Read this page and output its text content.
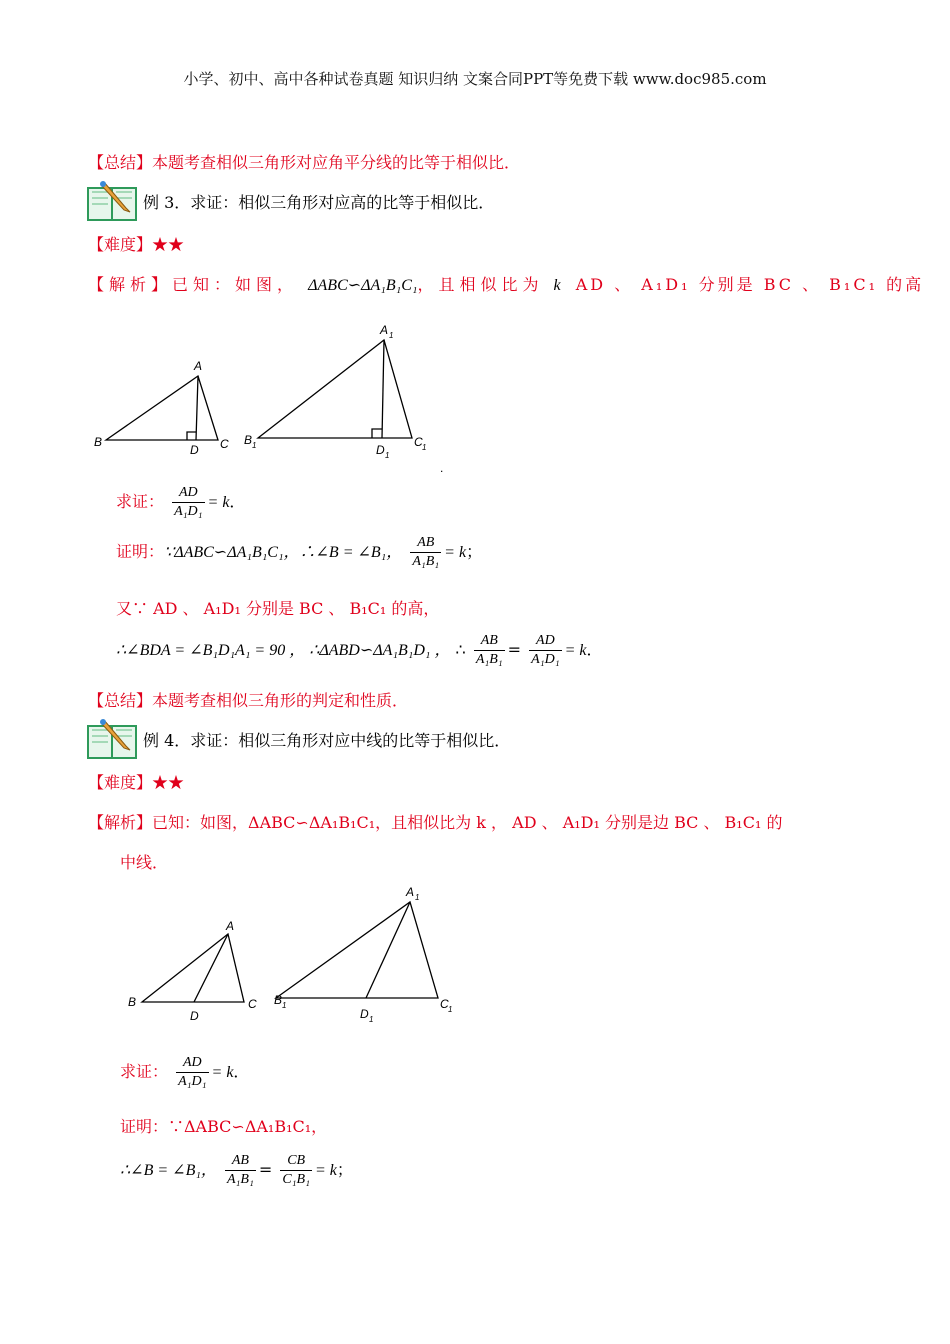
小学、初中、高中各种试卷真题 知识归纳 文案合同PPT等免费下载 www.doc985.com
【总结】本题考查相似三角形对应角平分线的比等于相似比．
例 3．求证：相似三角形对应高的比等于相似比．
【难度】★★
【解析】已知：如图， ΔABC∽ΔA₁B₁C₁，且相似比为 k AD 、 A₁D₁ 分别是 BC 、 B₁C₁ 的高
A
B	C
D
A 1
B 1	C 1
D 1
.
求证： $\frac{AD}{\text{A₁D₁}} = k$．
证明：∵ΔABC∽ΔA₁B₁C₁，∴∠B = ∠B₁， $\frac{AB}{\text{A₁B₁}} = k$；
又∵ AD 、 A₁D₁ 分别是 BC 、 B₁C₁ 的高，
∴∠BDA = ∠B₁D₁A₁ = 90 ， ∴ΔABD∽ΔA₁B₁D₁ ， ∴ $\frac{AB}{\text{A₁B₁}} = \frac{AD}{\text{A₁D₁}} = k$．
【总结】本题考查相似三角形的判定和性质．
例 4．求证：相似三角形对应中线的比等于相似比．
【难度】★★
【解析】已知：如图，ΔABC∽ΔA₁B₁C₁，且相似比为 k ， AD 、 A₁D₁ 分别是边 BC 、 B₁C₁ 的
中线．
A
B	C
D
A 1
B 1	C 1
D 1
求证： $\frac{AD}{\text{A₁D₁}} = k$．
证明：∵ΔABC∽ΔA₁B₁C₁，
∴∠B = ∠B₁， $\frac{AB}{\text{A₁B₁}} = \frac{CB}{\text{C₁B₁}} = k$；
